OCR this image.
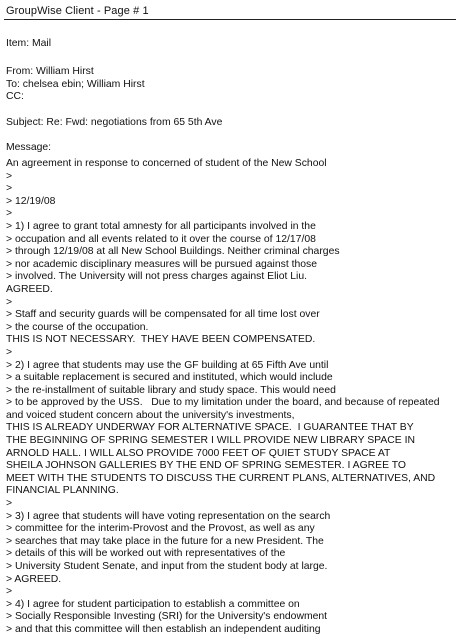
GroupWise Client - Page # 1
Item: Mail
From: William Hirst
To: chelsea ebin; William Hirst
CC:
Subject: Re: Fwd: negotiations from 65 5th Ave
Message:
An agreement in response to concerned of student of the New School
>
>
> 12/19/08
>
> 1) I agree to grant total amnesty for all participants involved in the
> occupation and all events related to it over the course of 12/17/08
> through 12/19/08 at all New School Buildings. Neither criminal charges
> nor academic disciplinary measures will be pursued against those
> involved. The University will not press charges against Eliot Liu.
AGREED.
>
> Staff and security guards will be compensated for all time lost over
> the course of the occupation.
THIS IS NOT NECESSARY.  THEY HAVE BEEN COMPENSATED.
>
> 2) I agree that students may use the GF building at 65 Fifth Ave until
> a suitable replacement is secured and instituted, which would include
> the re-installment of suitable library and study space. This would need
> to be approved by the USS.   Due to my limitation under the board, and because of repeated
and voiced student concern about the university's investments,
THIS IS ALREADY UNDERWAY FOR ALTERNATIVE SPACE.  I GUARANTEE THAT BY
THE BEGINNING OF SPRING SEMESTER I WILL PROVIDE NEW LIBRARY SPACE IN
ARNOLD HALL. I WILL ALSO PROVIDE 7000 FEET OF QUIET STUDY SPACE AT
SHEILA JOHNSON GALLERIES BY THE END OF SPRING SEMESTER. I AGREE TO
MEET WITH THE STUDENTS TO DISCUSS THE CURRENT PLANS, ALTERNATIVES, AND
FINANCIAL PLANNING.
>
> 3) I agree that students will have voting representation on the search
> committee for the interim-Provost and the Provost, as well as any
> searches that may take place in the future for a new President. The
> details of this will be worked out with representatives of the
> University Student Senate, and input from the student body at large.
> AGREED.
>
> 4) I agree for student participation to establish a committee on
> Socially Responsible Investing (SRI) for the University's endowment
> and that this committee will then establish an independent auditing
